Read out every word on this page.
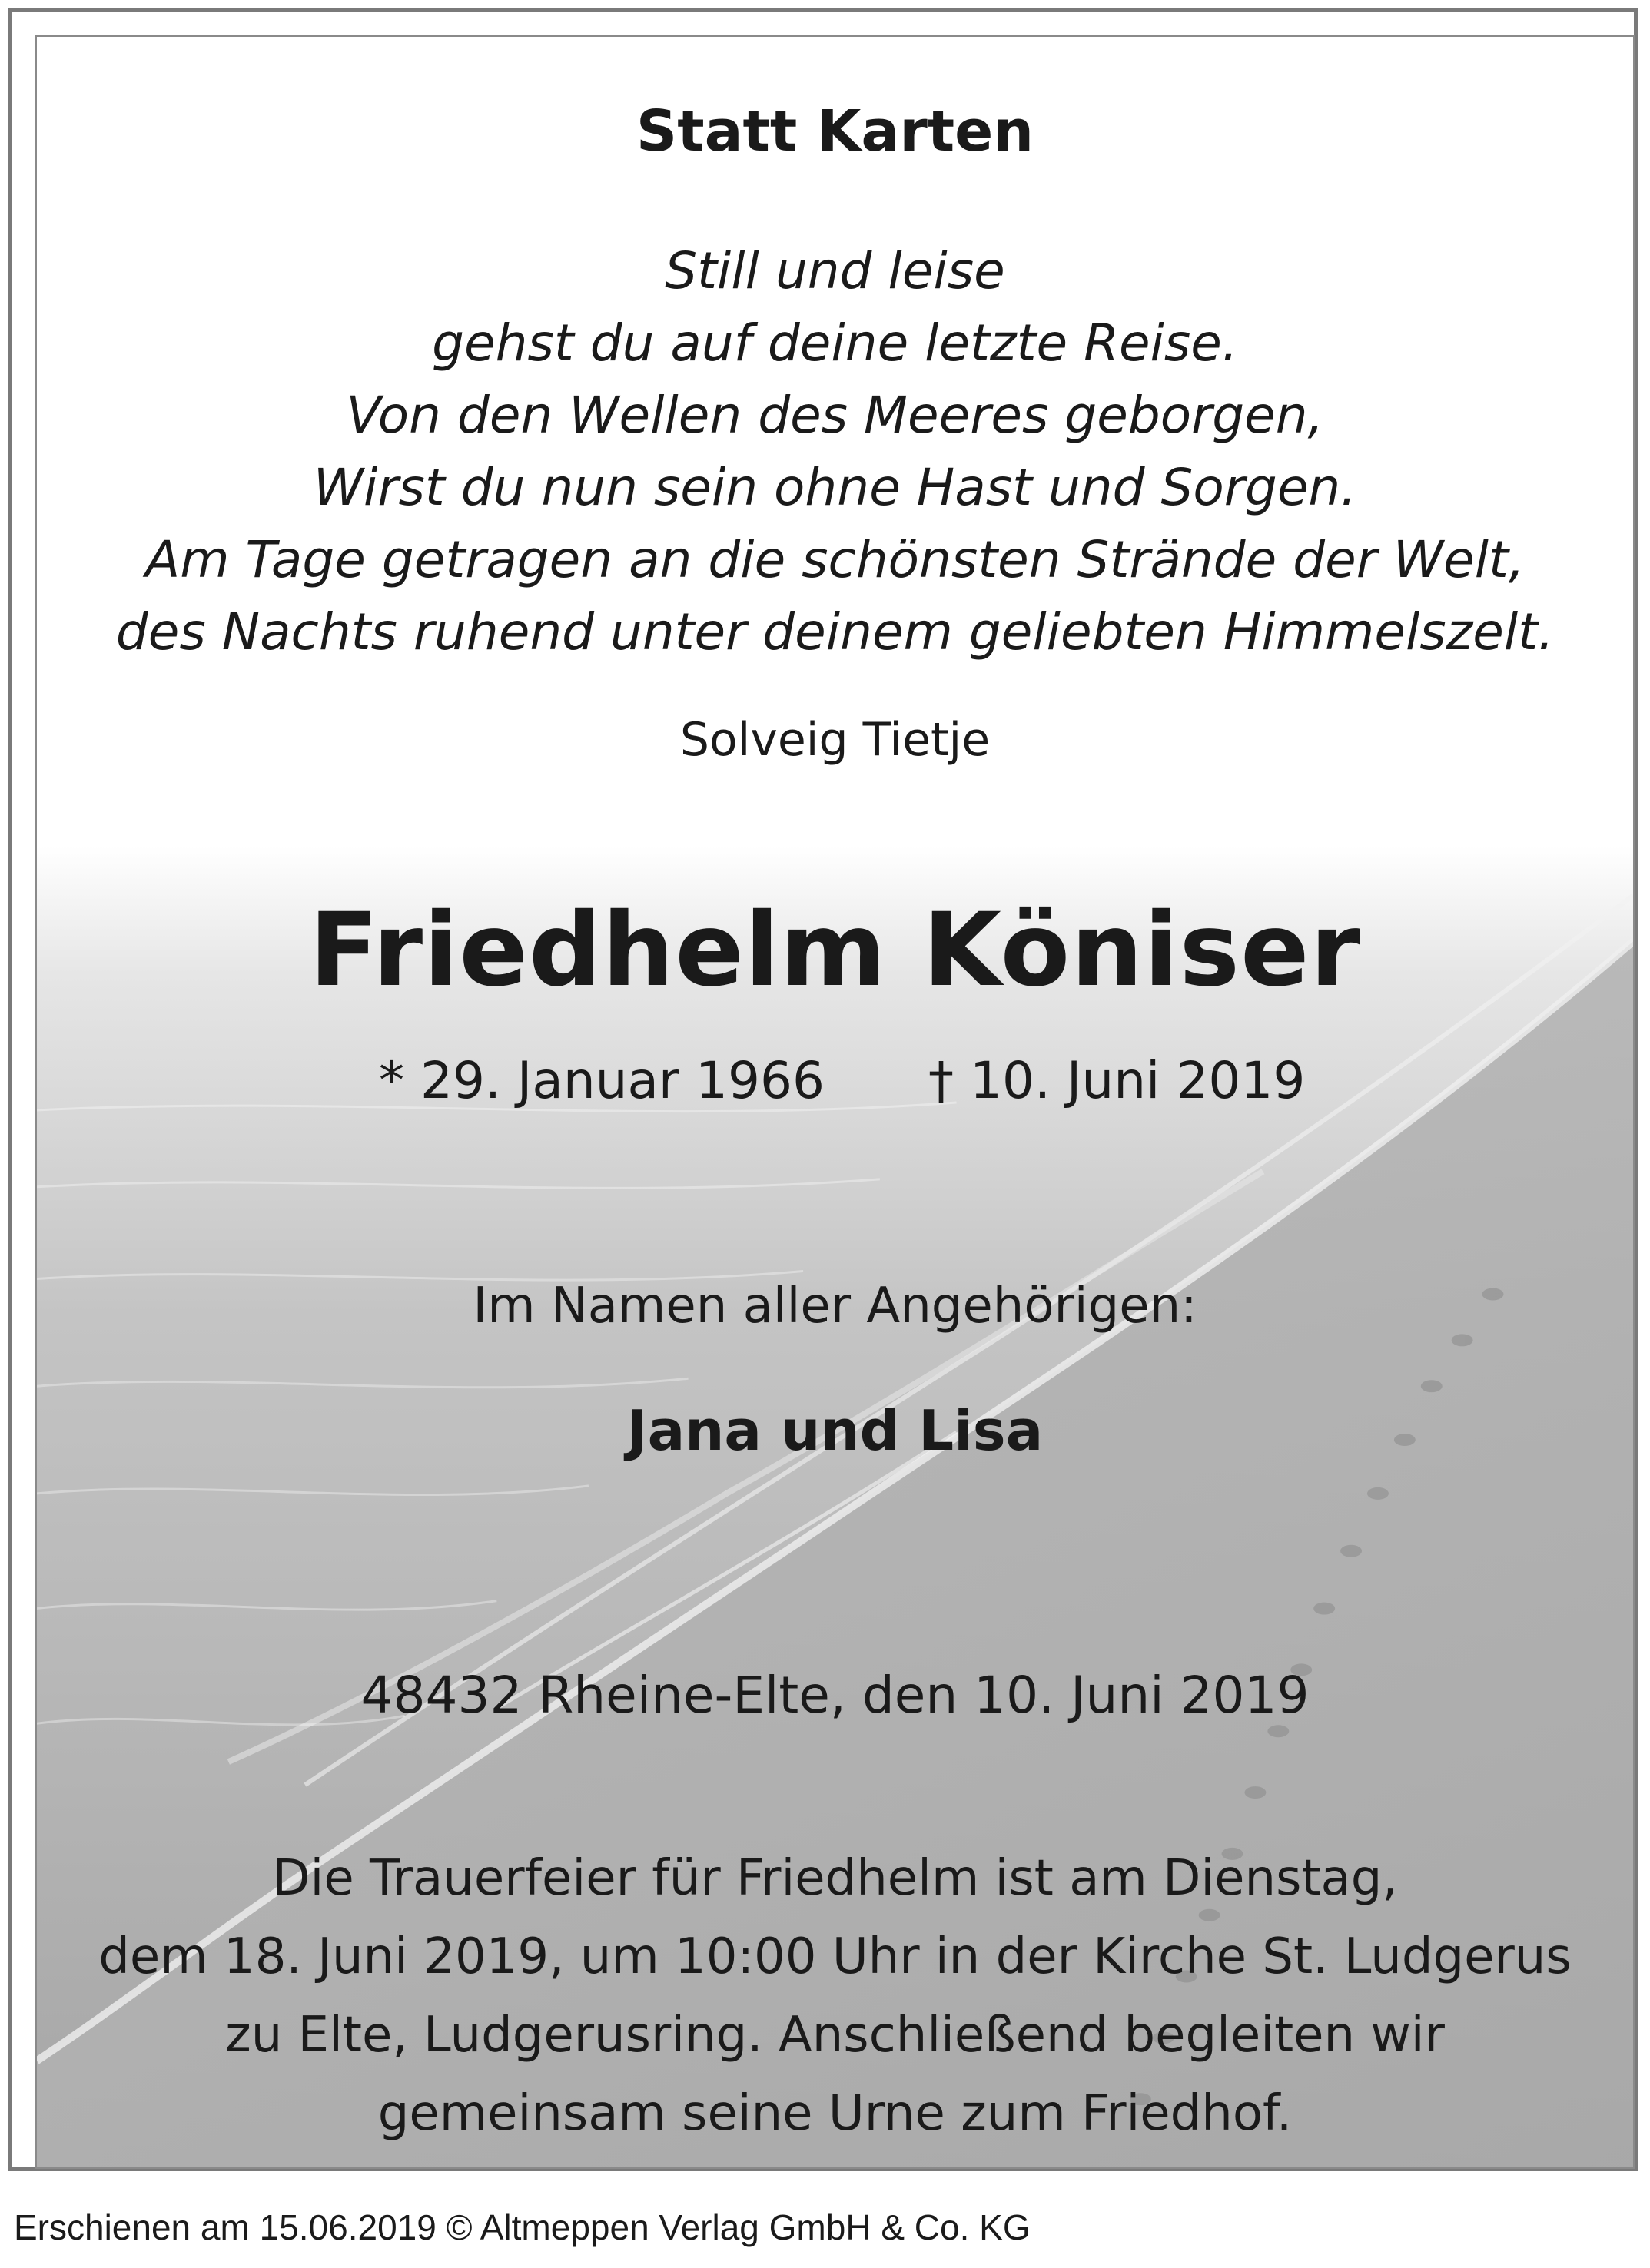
Statt Karten
Still und leise
gehst du auf deine letzte Reise.
Von den Wellen des Meeres geborgen,
Wirst du nun sein ohne Hast und Sorgen.
Am Tage getragen an die schönsten Strände der Welt,
des Nachts ruhend unter deinem geliebten Himmelszelt.
Solveig Tietje
Friedhelm Köniser
* 29. Januar 1966 † 10. Juni 2019
Im Namen aller Angehörigen:
Jana und Lisa
48432 Rheine-Elte, den 10. Juni 2019
Die Trauerfeier für Friedhelm ist am Dienstag,
dem 18. Juni 2019, um 10:00 Uhr in der Kirche St. Ludgerus
zu Elte, Ludgerusring. Anschließend begleiten wir
gemeinsam seine Urne zum Friedhof.
Erschienen am 15.06.2019 © Altmeppen Verlag GmbH & Co. KG
